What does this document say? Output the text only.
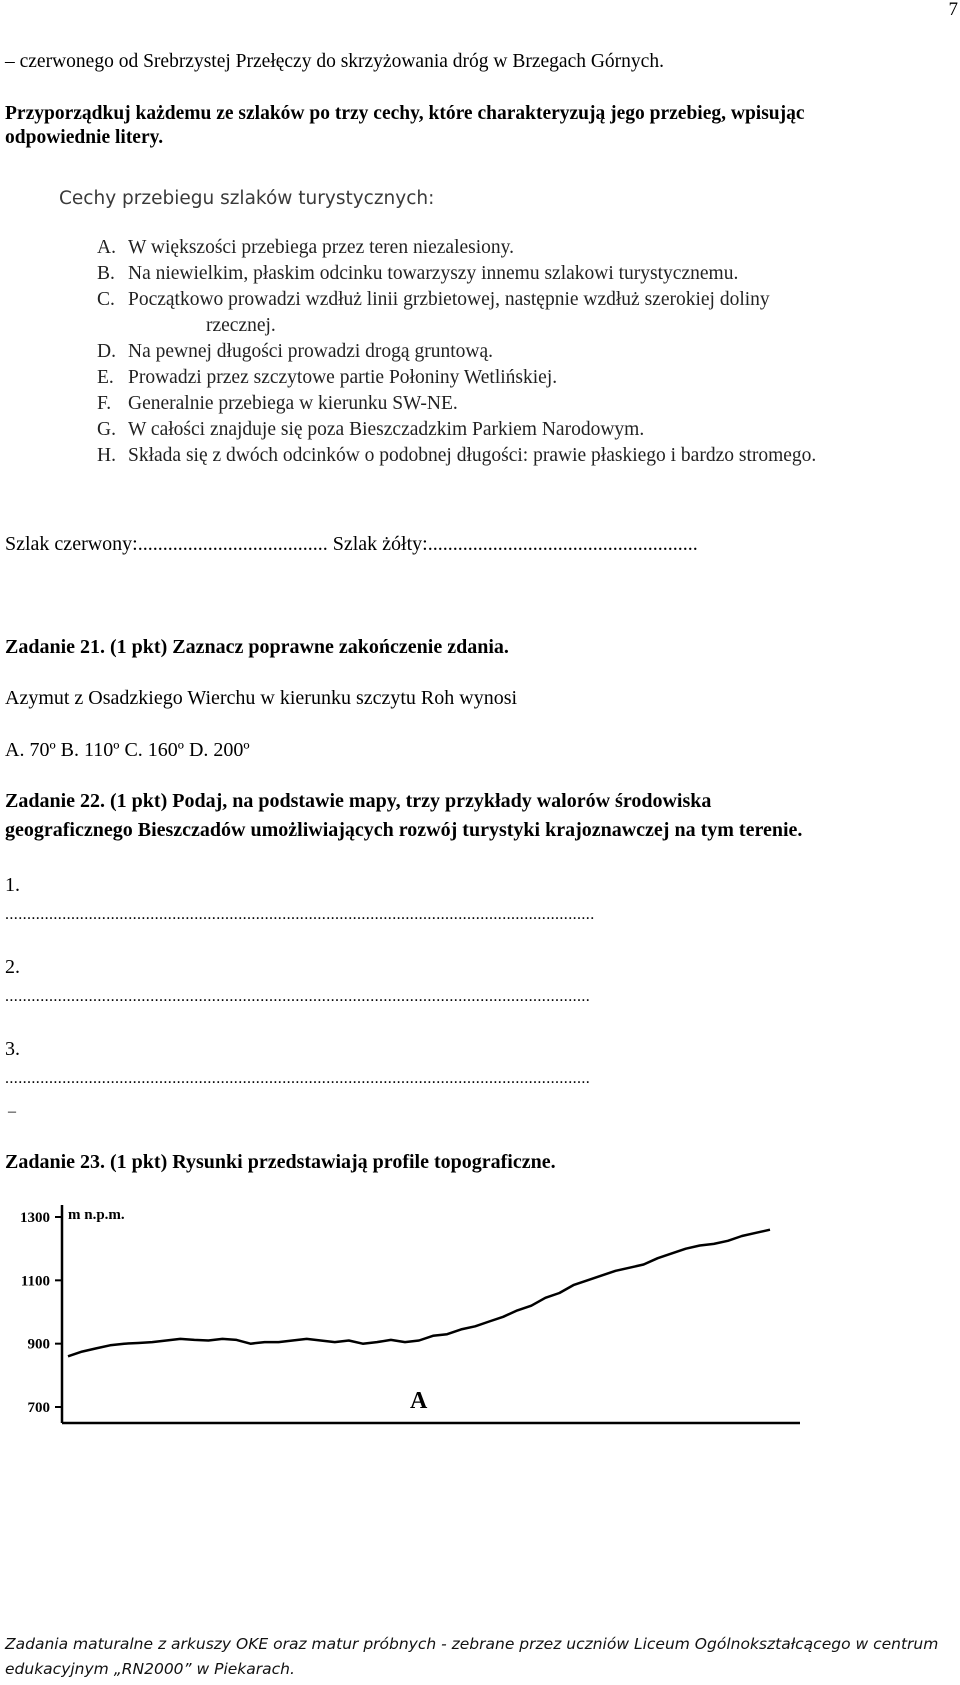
7
– czerwonego od Srebrzystej Przełęczy do skrzyżowania dróg w Brzegach Górnych.
Przyporządkuj każdemu ze szlaków po trzy cechy, które charakteryzują jego przebieg, wpisując
odpowiednie litery.
Cechy przebiegu szlaków turystycznych:
A. W większości przebiega przez teren niezalesiony.
B. Na niewielkim, płaskim odcinku towarzyszy innemu szlakowi turystycznemu.
C. Początkowo prowadzi wzdłuż linii grzbietowej, następnie wzdłuż szerokiej doliny
rzecznej.
D. Na pewnej długości prowadzi drogą gruntową.
E. Prowadzi przez szczytowe partie Połoniny Wetlińskiej.
F. Generalnie przebiega w kierunku SW-NE.
G. W całości znajduje się poza Bieszczadzkim Parkiem Narodowym.
H. Składa się z dwóch odcinków o podobnej długości: prawie płaskiego i bardzo stromego.
Szlak czerwony:...................................... Szlak żółty:......................................................
Zadanie 21. (1 pkt) Zaznacz poprawne zakończenie zdania.
Azymut z Osadzkiego Wierchu w kierunku szczytu Roh wynosi
A. 70º B. 110º C. 160º D. 200º
Zadanie 22. (1 pkt) Podaj, na podstawie mapy, trzy przykłady walorów środowiska
geograficznego Bieszczadów umożliwiających rozwój turystyki krajoznawczej na tym terenie.
1.
......................................................................................................................................
2.
.....................................................................................................................................
3.
.....................................................................................................................................
–
Zadanie 23. (1 pkt) Rysunki przedstawiają profile topograficzne.
1300
1100
900
700
m n.p.m.
A
Zadania maturalne z arkuszy OKE oraz matur próbnych - zebrane przez uczniów Liceum Ogólnokształcącego w centrum
edukacyjnym „RN2000” w Piekarach.
